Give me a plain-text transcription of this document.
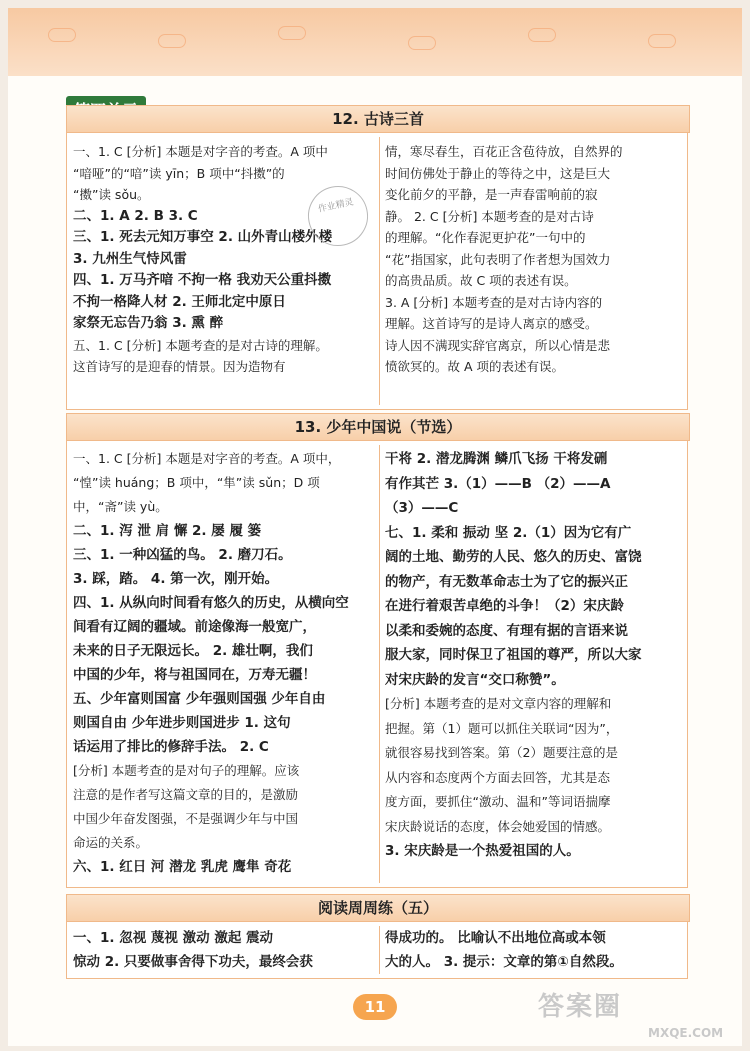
12. 古诗三首
一、1. C [分析] 本题是对字音的考查。A 项中
“喑哑”的“喑”读 yīn；B 项中“抖擞”的
“擞”读 sǒu。
二、1. A 2. B 3. C
三、1. 死去元知万事空 2. 山外青山楼外楼
3. 九州生气恃风雷
四、1. 万马齐喑 不拘一格 我劝天公重抖擞
不拘一格降人材 2. 王师北定中原日
家祭无忘告乃翁 3. 熏 醉
五、1. C [分析] 本题考查的是对古诗的理解。
这首诗写的是迎春的情景。因为造物有
情，寒尽春生，百花正含苞待放，自然界的
时间仿佛处于静止的等待之中，这是巨大
变化前夕的平静，是一声春雷响前的寂
静。 2. C [分析] 本题考查的是对古诗
的理解。“化作春泥更护花”一句中的
“花”指国家，此句表明了作者想为国效力
的高贵品质。故 C 项的表述有误。
3. A [分析] 本题考查的是对古诗内容的
理解。这首诗写的是诗人离京的感受。
诗人因不满现实辞官离京，所以心情是悲
愤欲冥的。故 A 项的表述有误。
作业精灵
13. 少年中国说（节选）
一、1. C [分析] 本题是对字音的考查。A 项中，
“惶”读 huáng；B 项中，“隼”读 sǔn；D 项
中，“斋”读 yù。
二、1. 泻 泄 肩 懈 2. 屡 履 篓
三、1. 一种凶猛的鸟。 2. 磨刀石。
3. 踩，踏。 4. 第一次，刚开始。
四、1. 从纵向时间看有悠久的历史，从横向空
间看有辽阔的疆域。前途像海一般宽广，
未来的日子无限远长。 2. 雄壮啊，我们
中国的少年，将与祖国同在，万寿无疆！
五、少年富则国富 少年强则国强 少年自由
则国自由 少年进步则国进步 1. 这句
话运用了排比的修辞手法。 2. C
[分析] 本题考查的是对句子的理解。应该
注意的是作者写这篇文章的目的，是激励
中国少年奋发图强，不是强调少年与中国
命运的关系。
六、1. 红日 河 潜龙 乳虎 鹰隼 奇花
干将 2. 潜龙腾渊 鳞爪飞扬 干将发硎
有作其芒 3.（1）——B （2）——A
（3）——C
七、1. 柔和 振动 坚 2.（1）因为它有广
阔的土地、勤劳的人民、悠久的历史、富饶
的物产，有无数革命志士为了它的振兴正
在进行着艰苦卓绝的斗争！（2）宋庆龄
以柔和委婉的态度、有理有据的言语来说
服大家，同时保卫了祖国的尊严，所以大家
对宋庆龄的发言“交口称赞”。
[分析] 本题考查的是对文章内容的理解和
把握。第（1）题可以抓住关联词“因为”，
就很容易找到答案。第（2）题要注意的是
从内容和态度两个方面去回答，尤其是态
度方面，要抓住“激动、温和”等词语揣摩
宋庆龄说话的态度，体会她爱国的情感。
3. 宋庆龄是一个热爱祖国的人。
阅读周周练（五）
一、1. 忽视 蔑视 激动 激起 震动
惊动 2. 只要做事舍得下功夫，最终会获
得成功的。 比喻认不出地位高或本领
大的人。 3. 提示：文章的第①自然段。
11	答案圈
MXQE.COM
